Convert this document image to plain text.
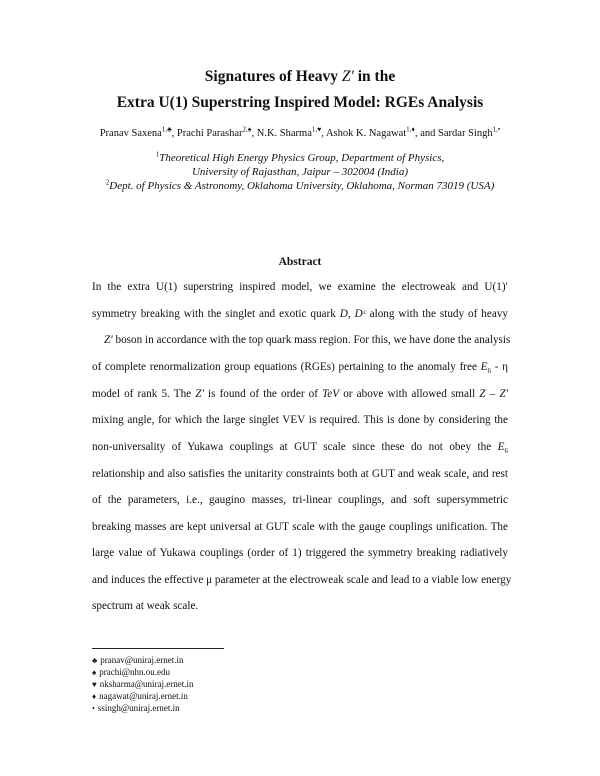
Signatures of Heavy Z′ in the
Extra U(1) Superstring Inspired Model: RGEs Analysis
Pranav Saxena$^{1,♣}$, Prachi Parashar$^{2,♠}$, N.K. Sharma$^{1,♥}$, Ashok K. Nagawat$^{1,♦}$, and Sardar Singh$^{1,•}$
$^1$Theoretical High Energy Physics Group, Department of Physics,
University of Rajasthan, Jaipur – 302004 (India)
$^2$Dept. of Physics & Astronomy, Oklahoma University, Oklahoma, Norman 73019 (USA)
Abstract
In the extra U(1) superstring inspired model, we examine the electroweak and U(1)′
symmetry breaking with the singlet and exotic quark D, Dᶜ along with the study of heavy
Z′ boson in accordance with the top quark mass region. For this, we have done the analysis
of complete renormalization group equations (RGEs) pertaining to the anomaly free $E_6$ - η
model of rank 5. The Z′ is found of the order of TeV or above with allowed small Z – Z′
mixing angle, for which the large singlet VEV is required. This is done by considering the
non-universality of Yukawa couplings at GUT scale since these do not obey the $E_6$
relationship and also satisfies the unitarity constraints both at GUT and weak scale, and rest
of the parameters, i.e., gaugino masses, tri-linear couplings, and soft supersymmetric
breaking masses are kept universal at GUT scale with the gauge couplings unification. The
large value of Yukawa couplings (order of 1) triggered the symmetry breaking radiatively
and induces the effective μ parameter at the electroweak scale and lead to a viable low energy
spectrum at weak scale.
♣ pranav@uniraj.ernet.in
♠ prachi@nhn.ou.edu
♥ nksharma@uniraj.ernet.in
♦ nagawat@uniraj.ernet.in
• ssingh@uniraj.ernet.in
